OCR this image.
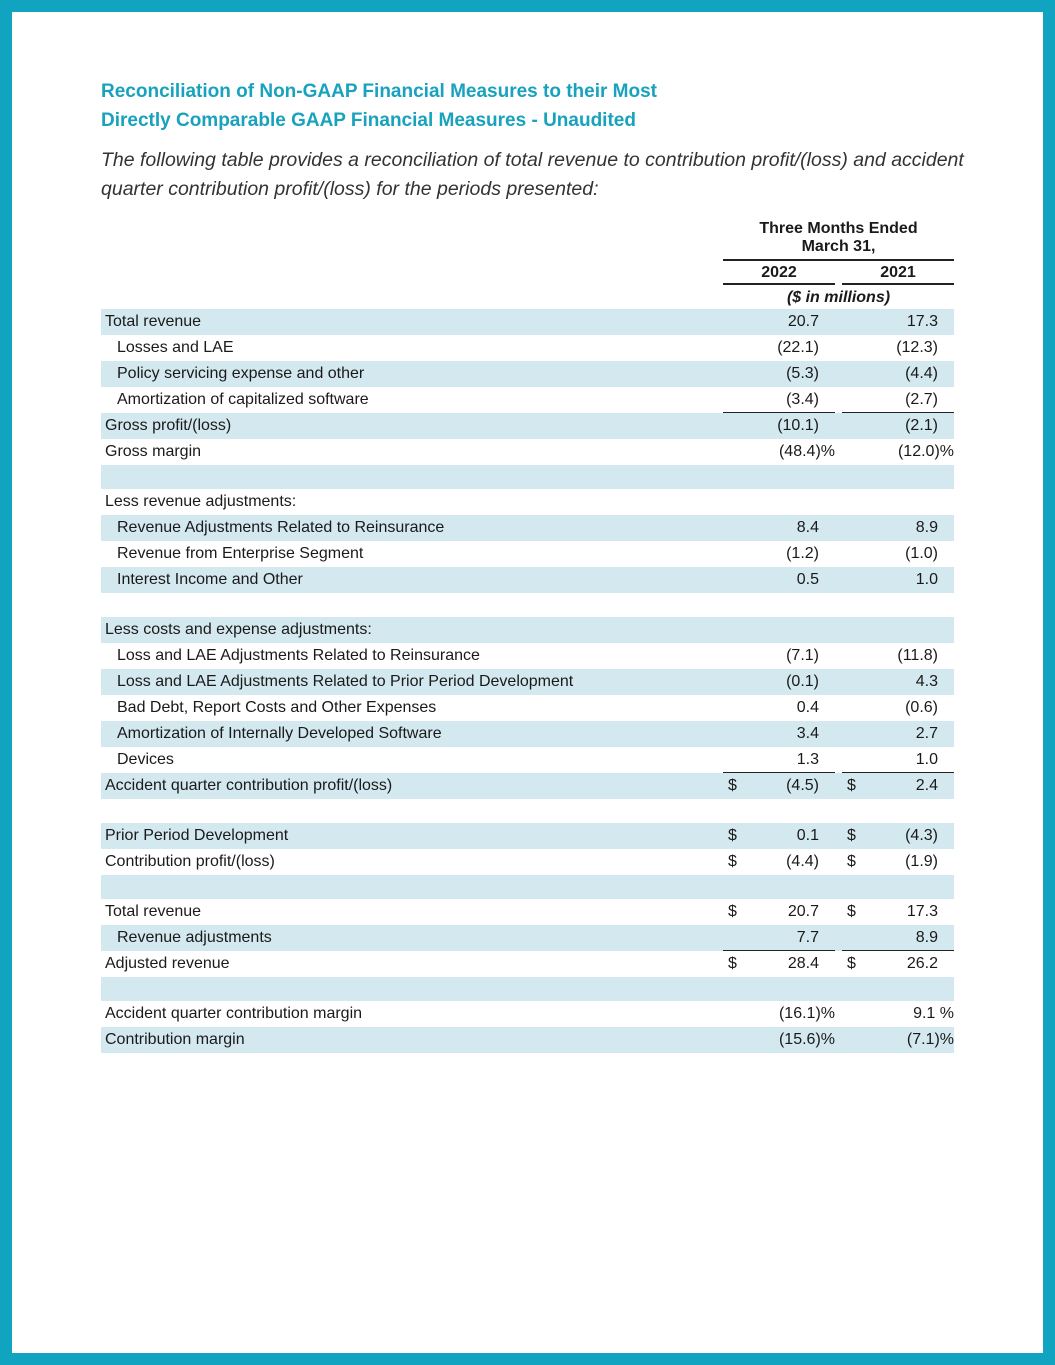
Reconciliation of Non-GAAP Financial Measures to their Most
Directly Comparable GAAP Financial Measures - Unaudited
The following table provides a reconciliation of total revenue to contribution profit/(loss) and accident quarter contribution profit/(loss) for the periods presented:
Three Months Ended
March 31,
2022	2021
($ in millions)
Total revenue	20.7	17.3
Losses and LAE	(22.1)	(12.3)
Policy servicing expense and other	(5.3)	(4.4)
Amortization of capitalized software	(3.4)	(2.7)
Gross profit/(loss)	(10.1)	(2.1)
Gross margin	(48.4)%	(12.0)%
Less revenue adjustments:
Revenue Adjustments Related to Reinsurance	8.4	8.9
Revenue from Enterprise Segment	(1.2)	(1.0)
Interest Income and Other	0.5	1.0
Less costs and expense adjustments:
Loss and LAE Adjustments Related to Reinsurance	(7.1)	(11.8)
Loss and LAE Adjustments Related to Prior Period Development	(0.1)	4.3
Bad Debt, Report Costs and Other Expenses	0.4	(0.6)
Amortization of Internally Developed Software	3.4	2.7
Devices	1.3	1.0
Accident quarter contribution profit/(loss)	$	(4.5) $	2.4
Prior Period Development	$	0.1 $	(4.3)
Contribution profit/(loss)	$	(4.4) $	(1.9)
Total revenue	$	20.7 $	17.3
Revenue adjustments	7.7	8.9
Adjusted revenue	$	28.4 $	26.2
Accident quarter contribution margin	(16.1)%	9.1 %
Contribution margin	(15.6)%	(7.1)%
